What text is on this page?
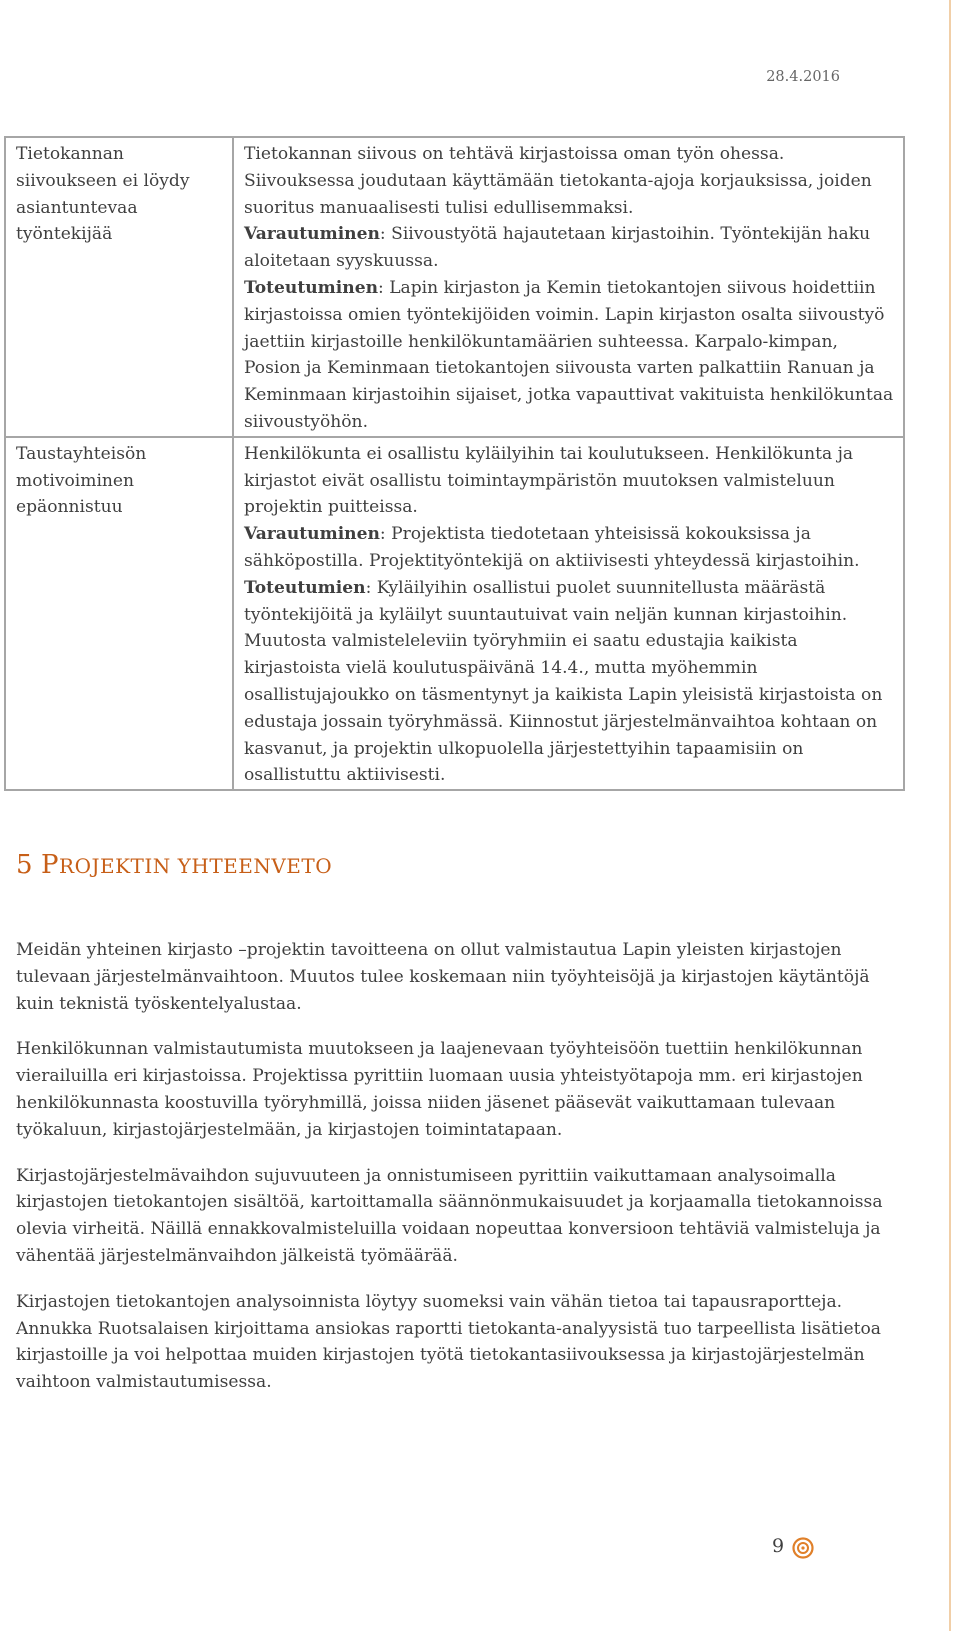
28.4.2016
Tietokannan siivoukseen ei löydy asiantuntevaa työntekijää	Tietokannan siivous on tehtävä kirjastoissa oman työn ohessa. Siivouksessa joudutaan käyttämään tietokanta-ajoja korjauksissa, joiden suoritus manuaalisesti tulisi edullisemmaksi.
Varautuminen: Siivoustyötä hajautetaan kirjastoihin. Työntekijän haku aloitetaan syyskuussa.
Toteutuminen: Lapin kirjaston ja Kemin tietokantojen siivous hoidettiin kirjastoissa omien työntekijöiden voimin. Lapin kirjaston osalta siivoustyö jaettiin kirjastoille henkilökuntamäärien suhteessa. Karpalo-kimpan, Posion ja Keminmaan tietokantojen siivousta varten palkattiin Ranuan ja Keminmaan kirjastoihin sijaiset, jotka vapauttivat vakituista henkilökuntaa siivoustyöhön.
Taustayhteisön motivoiminen epäonnistuu	Henkilökunta ei osallistu kyläilyihin tai koulutukseen. Henkilökunta ja kirjastot eivät osallistu toimintaympäristön muutoksen valmisteluun projektin puitteissa.
Varautuminen: Projektista tiedotetaan yhteisissä kokouksissa ja sähköpostilla. Projektityöntekijä on aktiivisesti yhteydessä kirjastoihin.
Toteutumien: Kyläilyihin osallistui puolet suunnitellusta määrästä työntekijöitä ja kyläilyt suuntautuivat vain neljän kunnan kirjastoihin. Muutosta valmisteleleviin työryhmiin ei saatu edustajia kaikista kirjastoista vielä koulutuspäivänä 14.4., mutta myöhemmin osallistujajoukko on täsmentynyt ja kaikista Lapin yleisistä kirjastoista on edustaja jossain työryhmässä. Kiinnostut järjestelmänvaihtoa kohtaan on kasvanut, ja projektin ulkopuolella järjestettyihin tapaamisiin on osallistuttu aktiivisesti.
5 PROJEKTIN YHTEENVETO

Meidän yhteinen kirjasto –projektin tavoitteena on ollut valmistautua Lapin yleisten kirjastojen tulevaan järjestelmänvaihtoon. Muutos tulee koskemaan niin työyhteisöjä ja kirjastojen käytäntöjä kuin teknistä työskentelyalustaa.

Henkilökunnan valmistautumista muutokseen ja laajenevaan työyhteisöön tuettiin henkilökunnan vierailuilla eri kirjastoissa. Projektissa pyrittiin luomaan uusia yhteistyötapoja mm. eri kirjastojen henkilökunnasta koostuvilla työryhmillä, joissa niiden jäsenet pääsevät vaikuttamaan tulevaan työkaluun, kirjastojärjestelmään, ja kirjastojen toimintatapaan.

Kirjastojärjestelmävaihdon sujuvuuteen ja onnistumiseen pyrittiin vaikuttamaan analysoimalla kirjastojen tietokantojen sisältöä, kartoittamalla säännönmukaisuudet ja korjaamalla tietokannoissa olevia virheitä. Näillä ennakkovalmisteluilla voidaan nopeuttaa konversioon tehtäviä valmisteluja ja vähentää järjestelmänvaihdon jälkeistä työmäärää.

Kirjastojen tietokantojen analysoinnista löytyy suomeksi vain vähän tietoa tai tapausraportteja. Annukka Ruotsalaisen kirjoittama ansiokas raportti tietokanta-analyysistä tuo tarpeellista lisätietoa kirjastoille ja voi helpottaa muiden kirjastojen työtä tietokantasiivouksessa ja kirjastojärjestelmän vaihtoon valmistautumisessa.

9
